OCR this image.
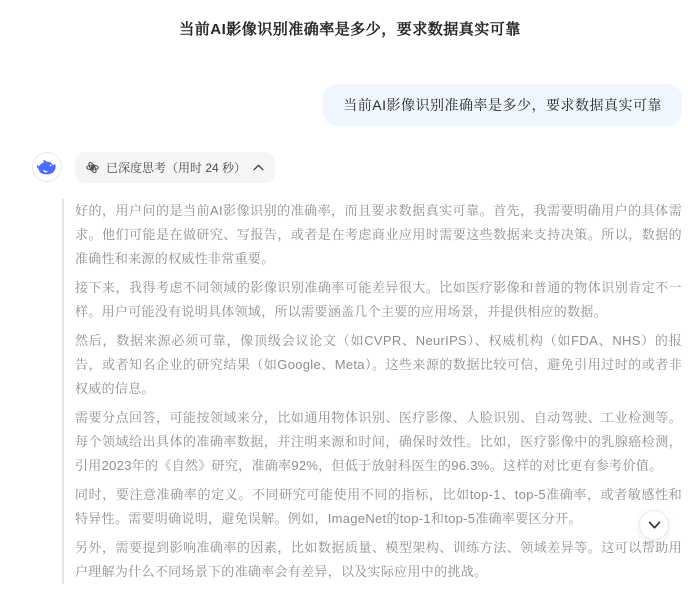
当前AI影像识别准确率是多少，要求数据真实可靠
当前AI影像识别准确率是多少，要求数据真实可靠
已深度思考（用时 24 秒）

好的，用户问的是当前AI影像识别的准确率，而且要求数据真实可靠。首先，我需要明确用户的具体需求。他们可能是在做研究、写报告，或者是在考虑商业应用时需要这些数据来支持决策。所以，数据的准确性和来源的权威性非常重要。

接下来，我得考虑不同领域的影像识别准确率可能差异很大。比如医疗影像和普通的物体识别肯定不一样。用户可能没有说明具体领域，所以需要涵盖几个主要的应用场景，并提供相应的数据。

然后，数据来源必须可靠，像顶级会议论文（如CVPR、NeurIPS）、权威机构（如FDA、NHS）的报告，或者知名企业的研究结果（如Google、Meta）。这些来源的数据比较可信，避免引用过时的或者非权威的信息。

需要分点回答，可能按领域来分，比如通用物体识别、医疗影像、人脸识别、自动驾驶、工业检测等。每个领域给出具体的准确率数据，并注明来源和时间，确保时效性。比如，医疗影像中的乳腺癌检测，引用2023年的《自然》研究，准确率92%，但低于放射科医生的96.3%。这样的对比更有参考价值。

同时，要注意准确率的定义。不同研究可能使用不同的指标，比如top-1、top-5准确率，或者敏感性和特异性。需要明确说明，避免误解。例如，ImageNet的top-1和top-5准确率要区分开。

另外，需要提到影响准确率的因素，比如数据质量、模型架构、训练方法、领域差异等。这可以帮助用户理解为什么不同场景下的准确率会有差异，以及实际应用中的挑战。
